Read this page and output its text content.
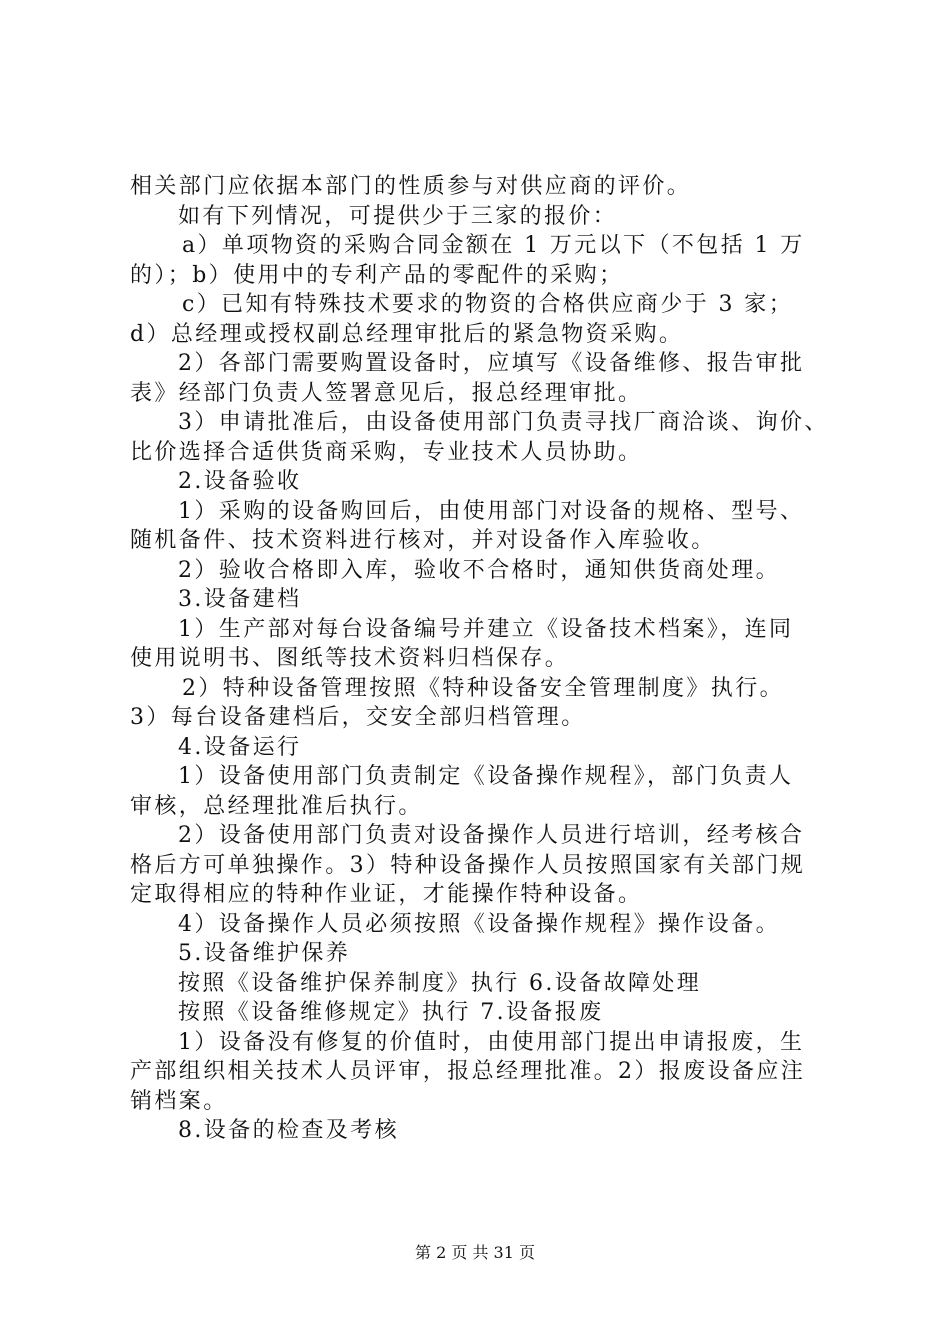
相关部门应依据本部门的性质参与对供应商的评价。

如有下列情况，可提供少于三家的报价：

a）单项物资的采购合同金额在 1 万元以下（不包括 1 万

的）；b）使用中的专利产品的零配件的采购；

c）已知有特殊技术要求的物资的合格供应商少于 3 家；

d）总经理或授权副总经理审批后的紧急物资采购。

2）各部门需要购置设备时，应填写《设备维修、报告审批

表》经部门负责人签署意见后，报总经理审批。

3）申请批准后，由设备使用部门负责寻找厂商洽谈、询价、

比价选择合适供货商采购，专业技术人员协助。

2.设备验收

1）采购的设备购回后，由使用部门对设备的规格、型号、

随机备件、技术资料进行核对，并对设备作入库验收。

2）验收合格即入库，验收不合格时，通知供货商处理。

3.设备建档

1）生产部对每台设备编号并建立《设备技术档案》，连同

使用说明书、图纸等技术资料归档保存。

2）特种设备管理按照《特种设备安全管理制度》执行。

3）每台设备建档后，交安全部归档管理。

4.设备运行

1）设备使用部门负责制定《设备操作规程》，部门负责人

审核，总经理批准后执行。

2）设备使用部门负责对设备操作人员进行培训，经考核合

格后方可单独操作。3）特种设备操作人员按照国家有关部门规

定取得相应的特种作业证，才能操作特种设备。

4）设备操作人员必须按照《设备操作规程》操作设备。

5.设备维护保养

按照《设备维护保养制度》执行 6.设备故障处理

按照《设备维修规定》执行 7.设备报废

1）设备没有修复的价值时，由使用部门提出申请报废，生

产部组织相关技术人员评审，报总经理批准。2）报废设备应注

销档案。

8.设备的检查及考核

第 2 页 共 31 页
